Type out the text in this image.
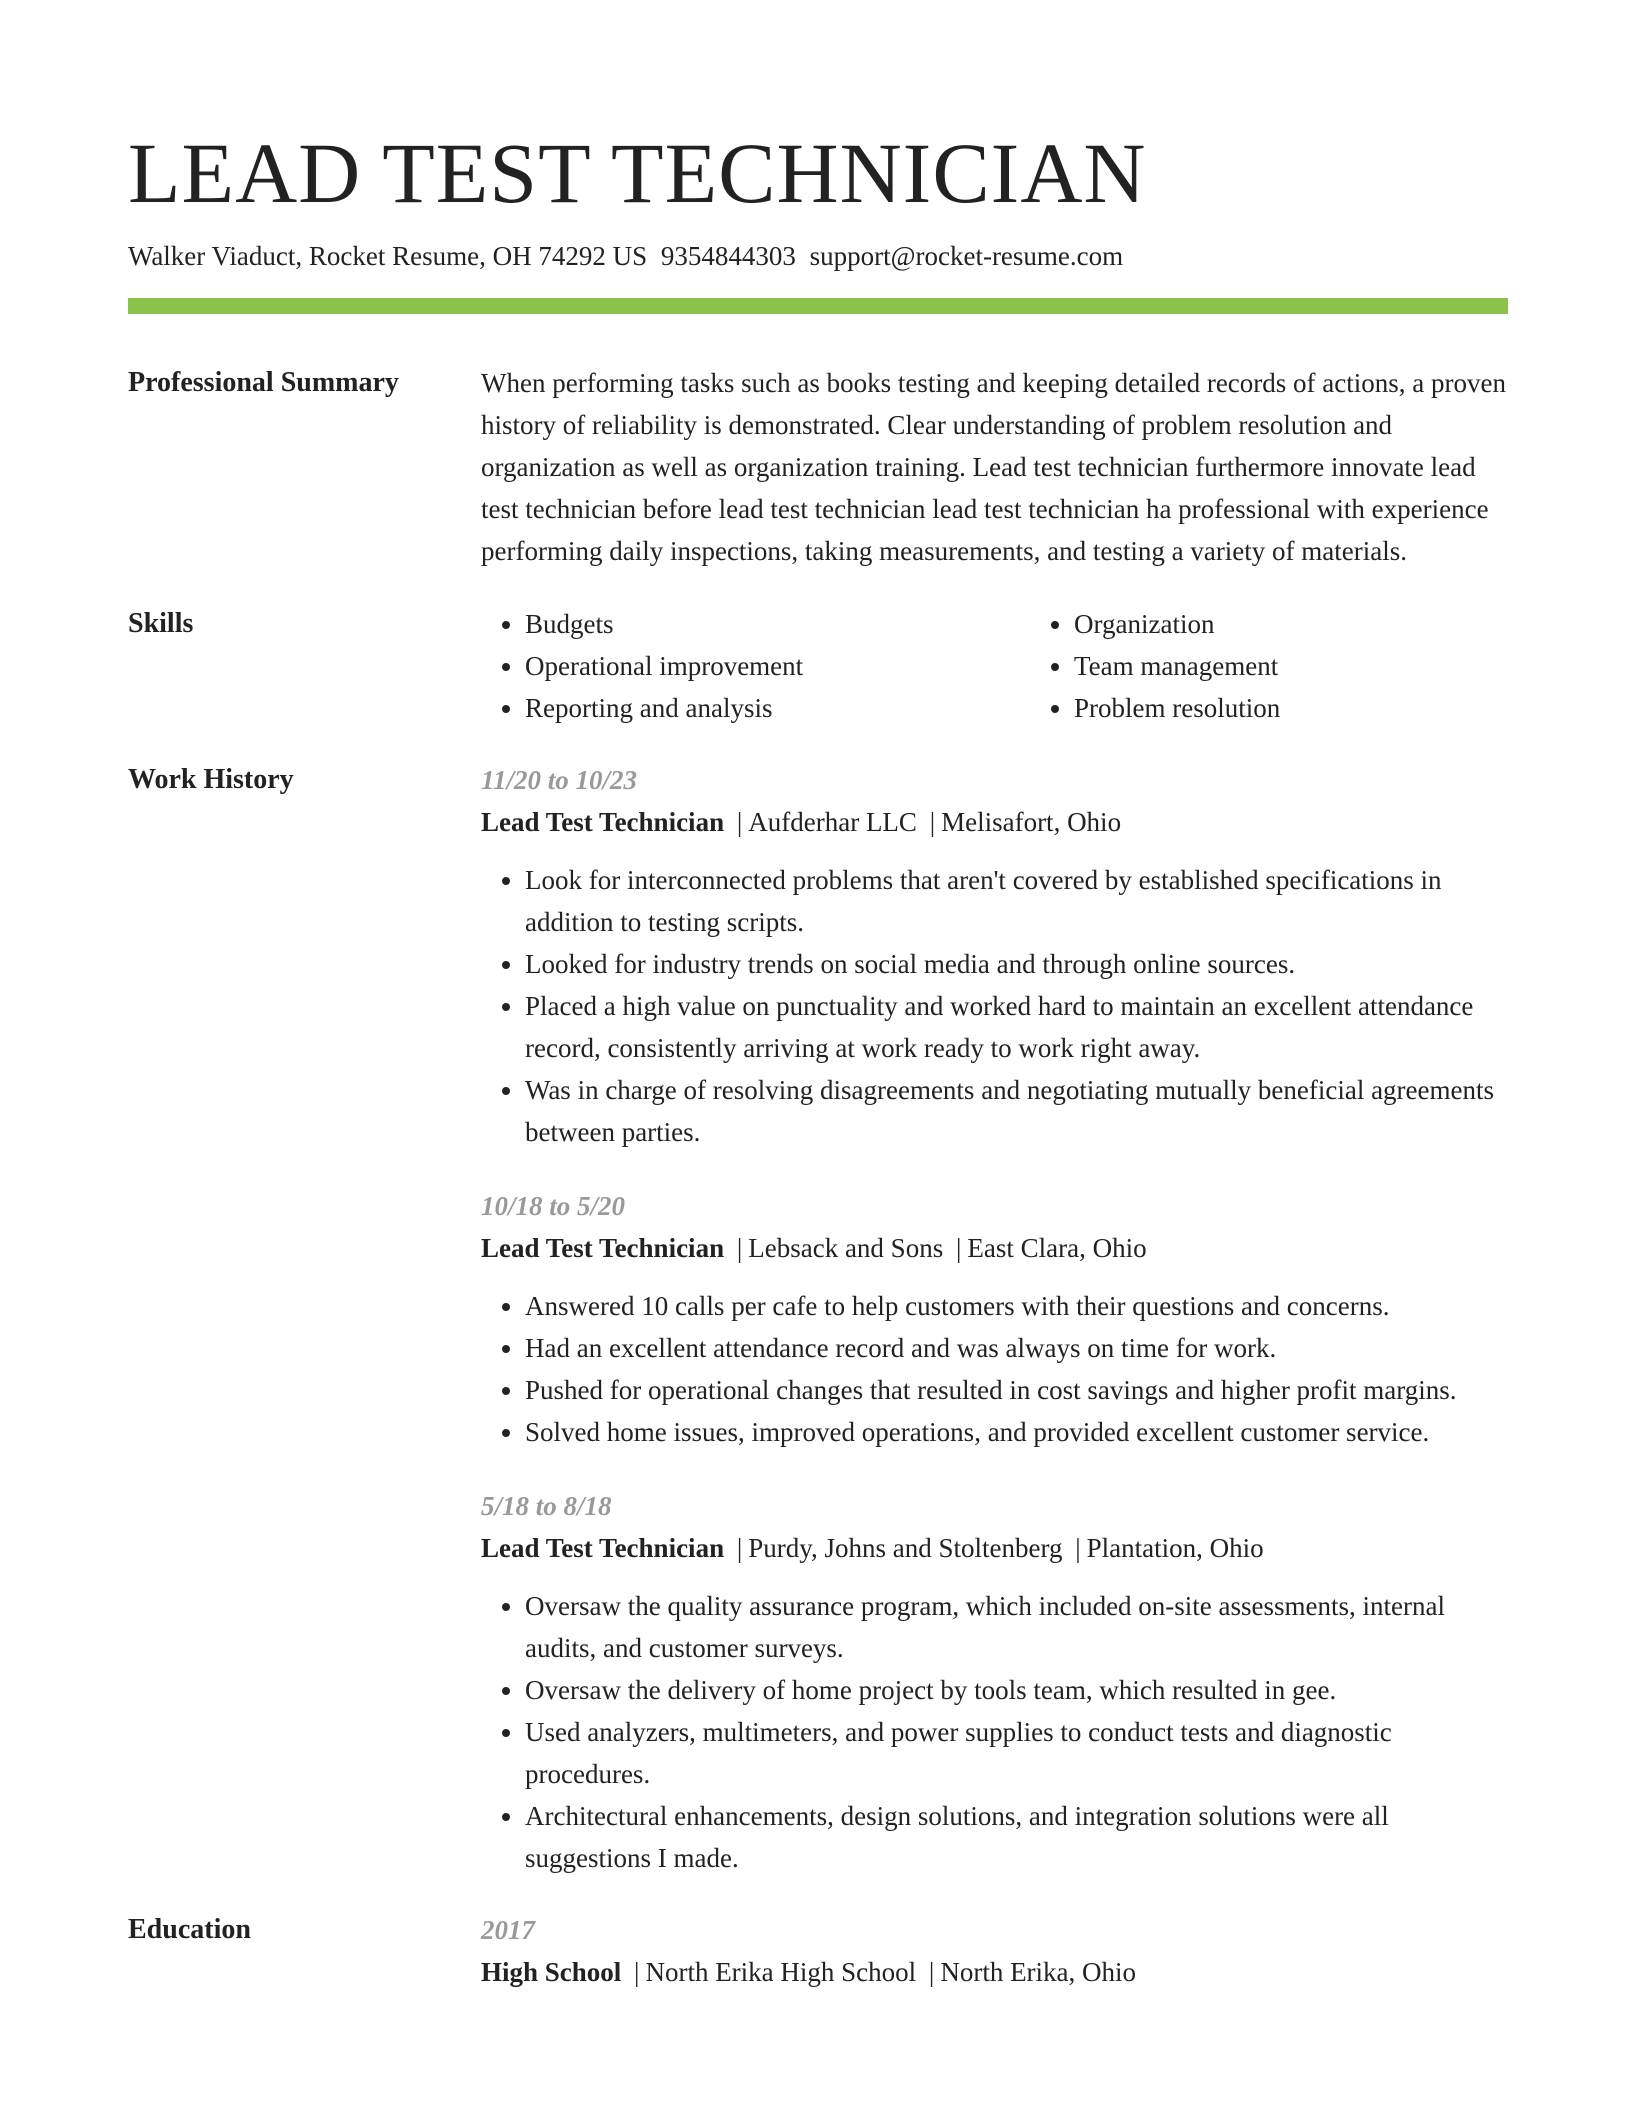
LEAD TEST TECHNICIAN
Walker Viaduct, Rocket Resume, OH 74292 US 9354844303 support@rocket-resume.com
Professional Summary	When performing tasks such as books testing and keeping detailed records of actions, a proven history of reliability is demonstrated. Clear understanding of problem resolution and organization as well as organization training. Lead test technician furthermore innovate lead test technician before lead test technician lead test technician ha professional with experience performing daily inspections, taking measurements, and testing a variety of materials.

Skills
•	Budgets
• Operational improvement
• Reporting and analysis
• Organization
• Team management
• Problem resolution
Work History	11/20 to 10/23
Lead Test Technician | Aufderhar LLC | Melisafort, Ohio
• Look for interconnected problems that aren't covered by established specifications in addition to testing scripts.
• Looked for industry trends on social media and through online sources.
• Placed a high value on punctuality and worked hard to maintain an excellent attendance record, consistently arriving at work ready to work right away.
• Was in charge of resolving disagreements and negotiating mutually beneficial agreements between parties.
10/18 to 5/20
Lead Test Technician | Lebsack and Sons | East Clara, Ohio
• Answered 10 calls per cafe to help customers with their questions and concerns.
• Had an excellent attendance record and was always on time for work.
• Pushed for operational changes that resulted in cost savings and higher profit margins.
• Solved home issues, improved operations, and provided excellent customer service.
5/18 to 8/18
Lead Test Technician | Purdy, Johns and Stoltenberg | Plantation, Ohio
• Oversaw the quality assurance program, which included on-site assessments, internal audits, and customer surveys.
• Oversaw the delivery of home project by tools team, which resulted in gee.
• Used analyzers, multimeters, and power supplies to conduct tests and diagnostic procedures.
• Architectural enhancements, design solutions, and integration solutions were all suggestions I made.
Education	2017
High School | North Erika High School | North Erika, Ohio
